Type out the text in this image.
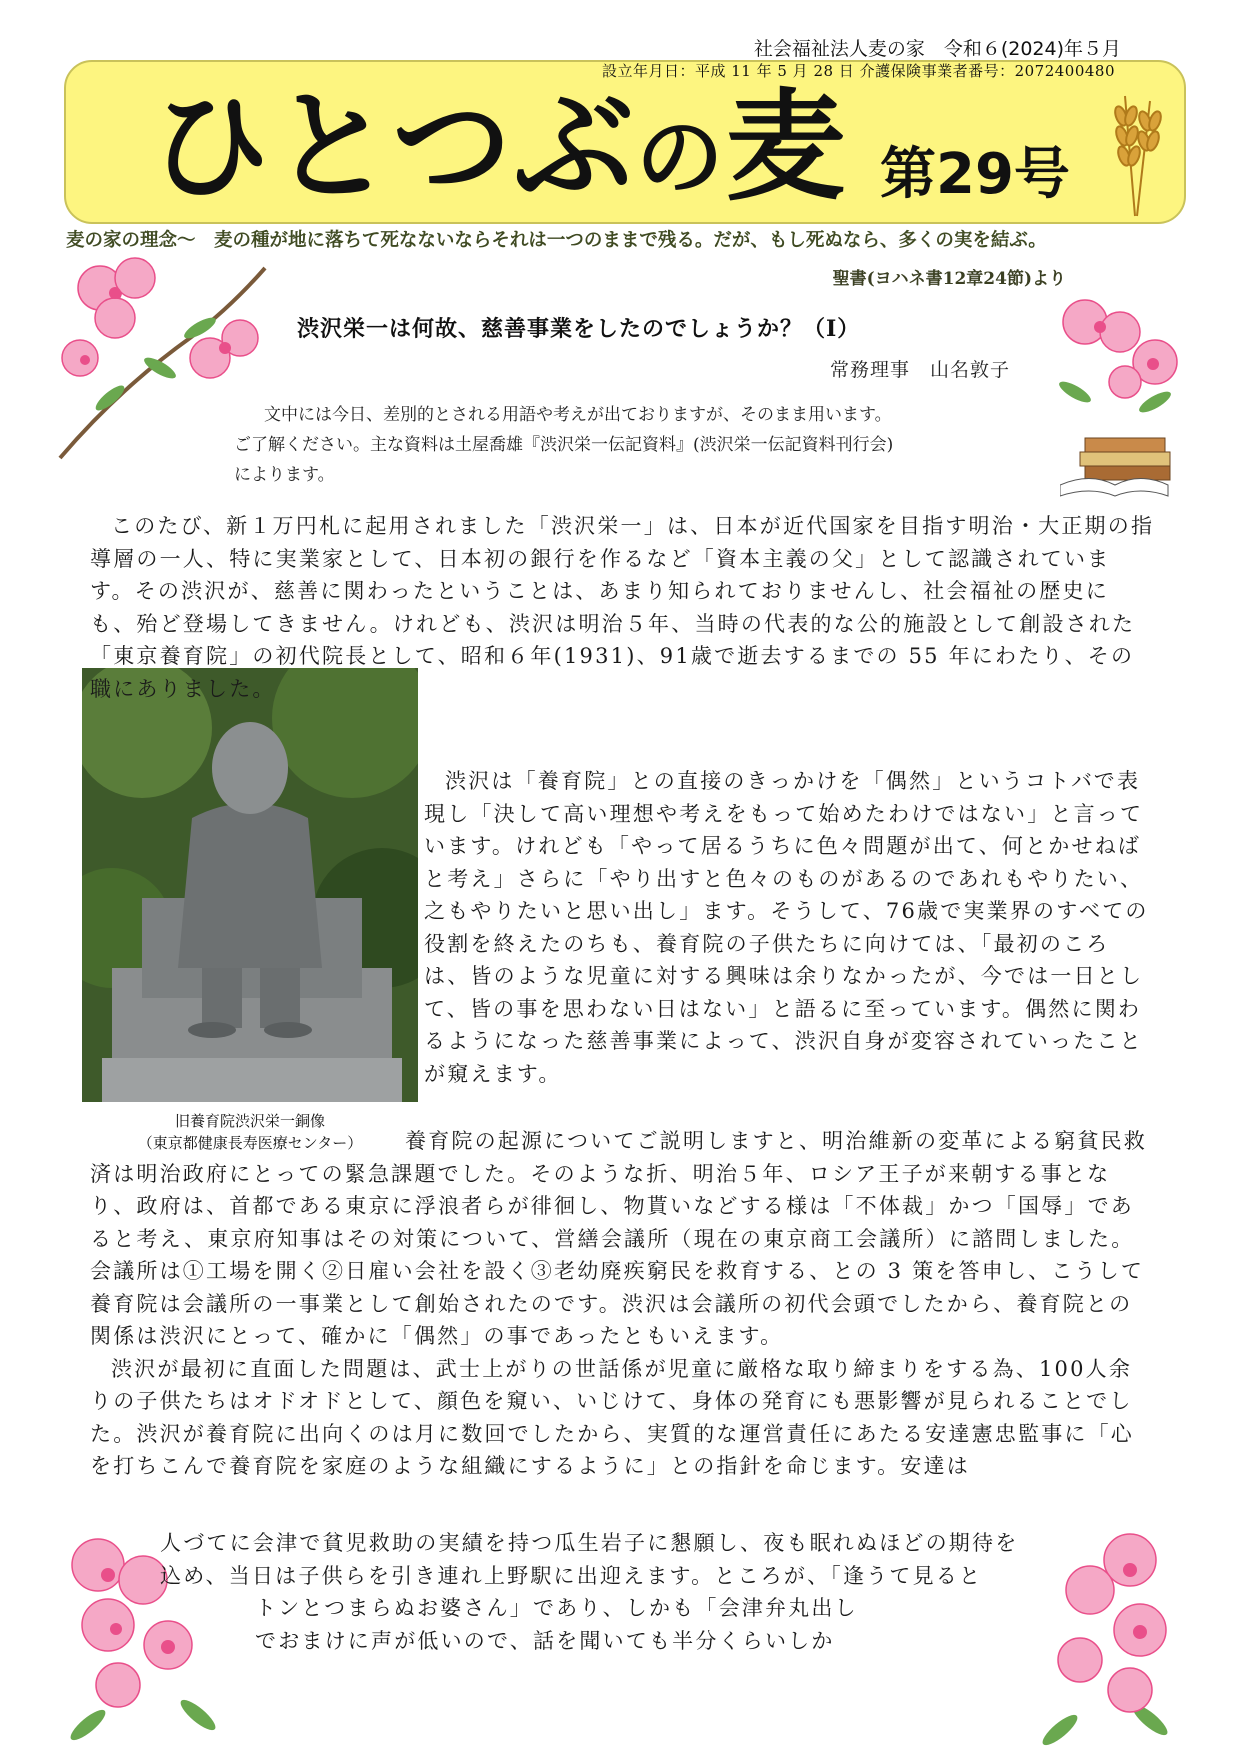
社会福祉法人麦の家　令和６(2024)年５月
設立年月日：平成 11 年 5 月 28 日 介護保険事業者番号：2072400480
ひとつぶの麦 第29号
麦の家の理念～　麦の種が地に落ちて死なないならそれは一つのままで残る。だが、もし死ぬなら、多くの実を結ぶ。
聖書(ヨハネ書12章24節)より
渋沢栄一は何故、慈善事業をしたのでしょうか？（Ⅰ）
常務理事　山名敦子
文中には今日、差別的とされる用語や考えが出ておりますが、そのまま用います。
ご了解ください。主な資料は土屋喬雄『渋沢栄一伝記資料』(渋沢栄一伝記資料刊行会)
によります。
旧養育院渋沢栄一銅像
（東京都健康長寿医療センター）

このたび、新１万円札に起用されました「渋沢栄一」は、日本が近代国家を目指す明治・大正期の指導層の一人、特に実業家として、日本初の銀行を作るなど「資本主義の父」として認識されています。その渋沢が、慈善に関わったということは、あまり知られておりませんし、社会福祉の歴史にも、殆ど登場してきません。けれども、渋沢は明治５年、当時の代表的な公的施設として創設された「東京養育院」の初代院長として、昭和６年(1931)、91歳で逝去するまでの 55 年にわたり、その職にありました。

渋沢は「養育院」との直接のきっかけを「偶然」というコトバで表現し「決して高い理想や考えをもって始めたわけではない」と言っています。けれども「やって居るうちに色々問題が出て、何とかせねばと考え」さらに「やり出すと色々のものがあるのであれもやりたい、之もやりたいと思い出し」ます。そうして、76歳で実業界のすべての役割を終えたのちも、養育院の子供たちに向けては、「最初のころは、皆のような児童に対する興味は余りなかったが、今では一日として、皆の事を思わない日はない」と語るに至っています。偶然に関わるようになった慈善事業によって、渋沢自身が変容されていったことが窺えます。

養育院の起源についてご説明しますと、明治維新の変革による窮貧民救済は明治政府にとっての緊急課題でした。そのような折、明治５年、ロシア王子が来朝する事となり、政府は、首都である東京に浮浪者らが徘徊し、物貰いなどする様は「不体裁」かつ「国辱」であると考え、東京府知事はその対策について、営繕会議所（現在の東京商工会議所）に諮問しました。会議所は①工場を開く②日雇い会社を設く③老幼廃疾窮民を救育する、との 3 策を答申し、こうして養育院は会議所の一事業として創始されたのです。渋沢は会議所の初代会頭でしたから、養育院との関係は渋沢にとって、確かに「偶然」の事であったともいえます。

渋沢が最初に直面した問題は、武士上がりの世話係が児童に厳格な取り締まりをする為、100人余りの子供たちはオドオドとして、顔色を窺い、いじけて、身体の発育にも悪影響が見られることでした。渋沢が養育院に出向くのは月に数回でしたから、実質的な運営責任にあたる安達憲忠監事に「心を打ちこんで養育院を家庭のような組織にするように」との指針を命じます。安達は

人づてに会津で貧児救助の実績を持つ瓜生岩子に懇願し、夜も眠れぬほどの期待を
込め、当日は子供らを引き連れ上野駅に出迎えます。ところが、「逢うて見ると
トンとつまらぬお婆さん」であり、しかも「会津弁丸出し
でおまけに声が低いので、話を聞いても半分くらいしか
